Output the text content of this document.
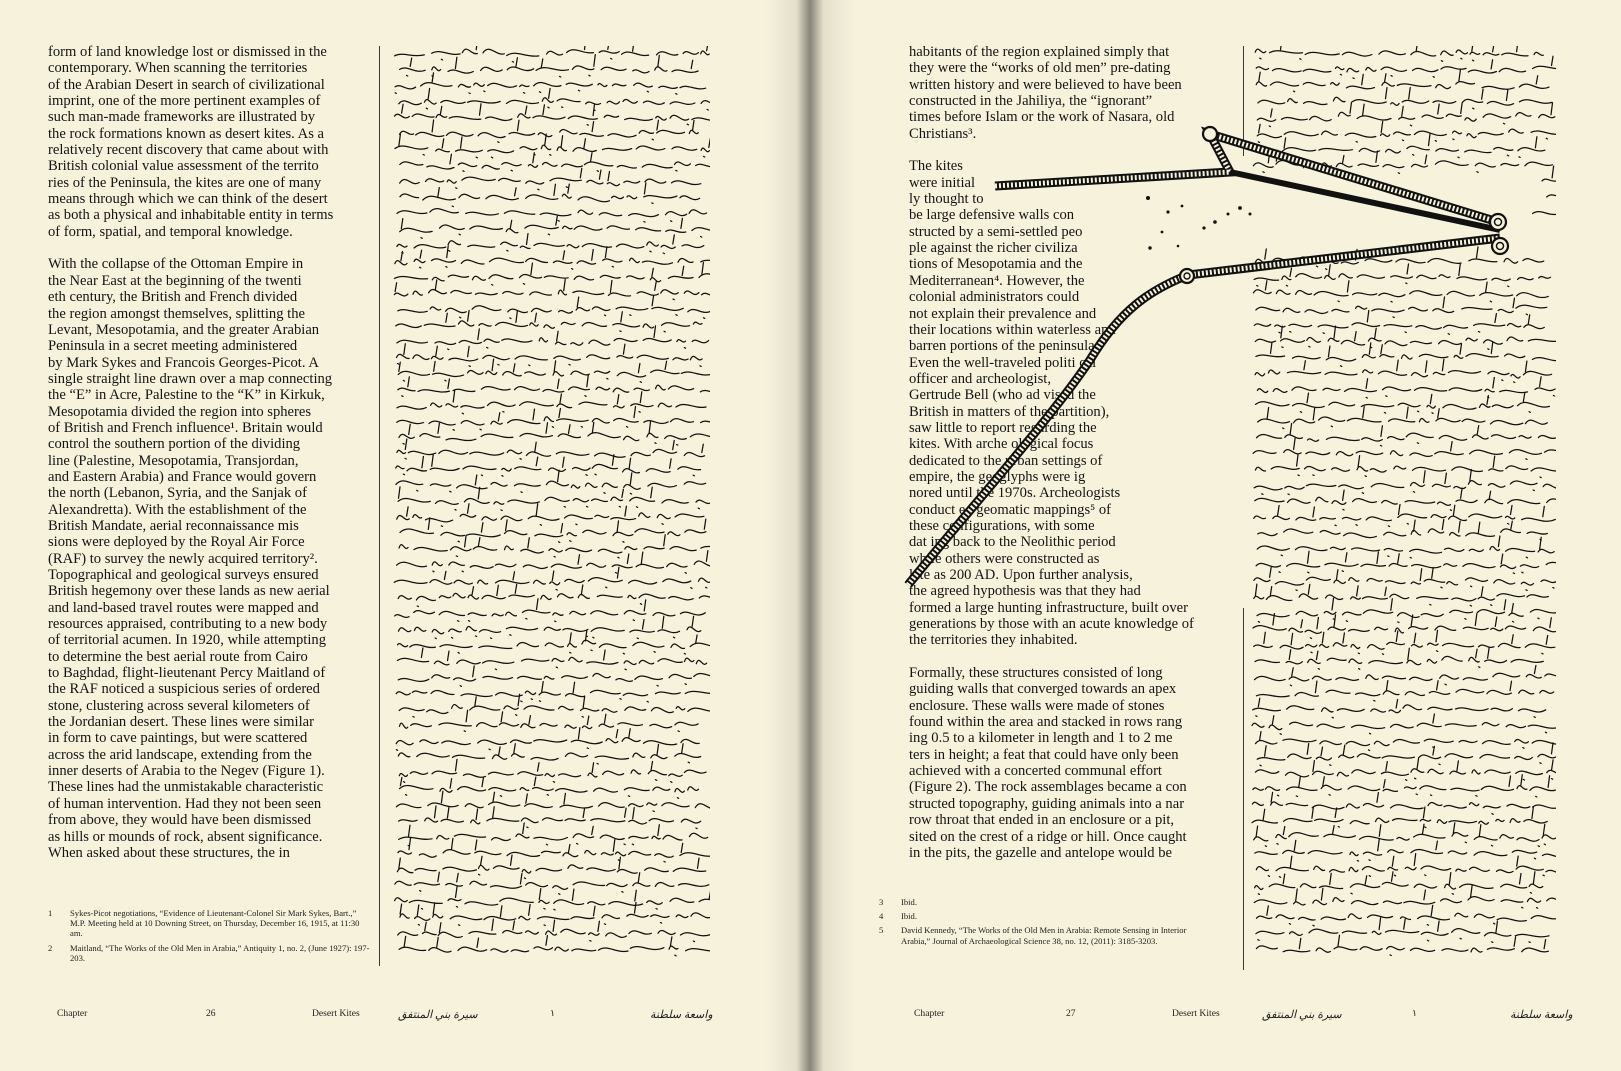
form of land knowledge lost or dismissed in the
contemporary. When scanning the territories
of the Arabian Desert in search of civilizational
imprint, one of the more pertinent examples of
such man-made frameworks are illustrated by
the rock formations known as desert kites. As a
relatively recent discovery that came about with
British colonial value assessment of the territo
ries of the Peninsula, the kites are one of many
means through which we can think of the desert
as both a physical and inhabitable entity in terms
of form, spatial, and temporal knowledge.

With the collapse of the Ottoman Empire in
the Near East at the beginning of the twenti
eth century, the British and French divided
the region amongst themselves, splitting the
Levant, Mesopotamia, and the greater Arabian
Peninsula in a secret meeting administered
by Mark Sykes and Francois Georges-Picot. A
single straight line drawn over a map connecting
the “E” in Acre, Palestine to the “K” in Kirkuk,
Mesopotamia divided the region into spheres
of British and French influence¹. Britain would
control the southern portion of the dividing
line (Palestine, Mesopotamia, Transjordan,
and Eastern Arabia) and France would govern
the north (Lebanon, Syria, and the Sanjak of
Alexandretta). With the establishment of the
British Mandate, aerial reconnaissance mis
sions were deployed by the Royal Air Force
(RAF) to survey the newly acquired territory².
Topographical and geological surveys ensured
British hegemony over these lands as new aerial
and land-based travel routes were mapped and
resources appraised, contributing to a new body
of territorial acumen. In 1920, while attempting
to determine the best aerial route from Cairo
to Baghdad, flight-lieutenant Percy Maitland of
the RAF noticed a suspicious series of ordered
stone, clustering across several kilometers of
the Jordanian desert. These lines were similar
in form to cave paintings, but were scattered
across the arid landscape, extending from the
inner deserts of Arabia to the Negev (Figure 1).
These lines had the unmistakable characteristic
of human intervention. Had they not been seen
from above, they would have been dismissed
as hills or mounds of rock, absent significance.
When asked about these structures, the in

1 Sykes-Picot negotiations, “Evidence of Lieutenant-Colonel Sir Mark Sykes, Bart.,” M.P. Meeting held at 10 Downing Street, on Thursday, December 16, 1915, at 11:30 am.
2 Maitland, “The Works of the Old Men in Arabia,” Antiquity 1, no. 2, (June 1927): 197-203.
Chapter	26	Desert Kites	سيرة بني المنتفق	١	واسعة سلطنة

habitants of the region explained simply that
they were the “works of old men” pre-dating
written history and were believed to have been
constructed in the Jahiliya, the “ignorant”
times before Islam or the work of Nasara, old
Christians³.

The kites
were initial
ly thought to
be large defensive walls con
structed by a semi-settled peo
ple against the richer civiliza
tions of Mesopotamia and the
Mediterranean⁴. However, the
colonial administrators could
not explain their prevalence and
their locations within waterless and
barren portions of the peninsula.
Even the well-traveled politi cal
officer and archeologist,
Gertrude Bell (who ad vised the
British in matters of the partition),
saw little to report regarding the
kites. With arche ological focus
dedicated to the urban settings of
empire, the geoglyphs were ig
nored until the 1970s. Archeologists
conduct ed geomatic mappings⁵ of
these configurations, with some
dat ing back to the Neolithic period
while others were constructed as
late as 200 AD. Upon further analysis,
the agreed hypothesis was that they had
formed a large hunting infrastructure, built over
generations by those with an acute knowledge of
the territories they inhabited.

Formally, these structures consisted of long
guiding walls that converged towards an apex
enclosure. These walls were made of stones
found within the area and stacked in rows rang
ing 0.5 to a kilometer in length and 1 to 2 me
ters in height; a feat that could have only been
achieved with a concerted communal effort
(Figure 2). The rock assemblages became a con
structed topography, guiding animals into a nar
row throat that ended in an enclosure or a pit,
sited on the crest of a ridge or hill. Once caught
in the pits, the gazelle and antelope would be

3 Ibid.
4 Ibid.
5 David Kennedy, “The Works of the Old Men in Arabia: Remote Sensing in Interior Arabia,” Journal of Archaeological Science 38, no. 12, (2011): 3185-3203.
Chapter	27	Desert Kites	سيرة بني المنتفق	١	واسعة سلطنة
